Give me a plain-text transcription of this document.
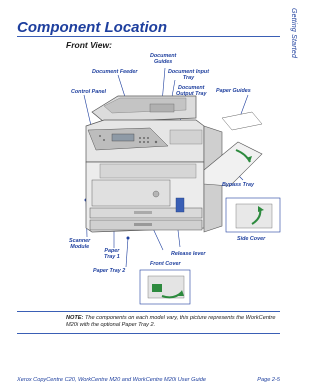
Component Location	Getting Started
Front View:
Document Feeder
Document
Guides
Document Input
Tray
Document
Output Tray
Paper Guides
Control Panel
Bypass Tray
Side Cover
Scanner
Module
Paper
Tray 1
Release lever
Front Cover
Paper Tray 2
NOTE: The components on each model vary, this picture represents the WorkCentre M20i with the optional Paper Tray 2.
Xerox CopyCentre C20, WorkCentre M20 and WorkCentre M20i User Guide	Page 2-5
